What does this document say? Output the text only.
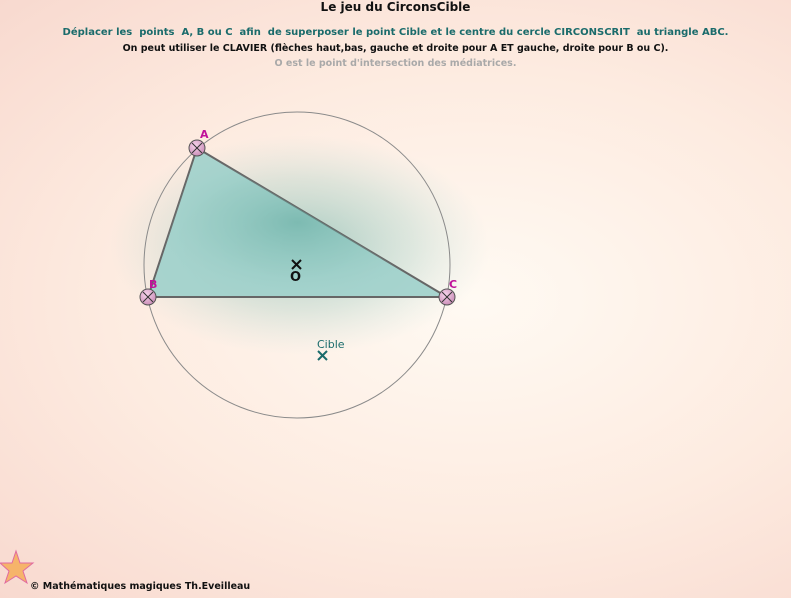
Le jeu du CirconsCible
Déplacer les  points  A, B ou C  afin  de superposer le point Cible et le centre du cercle CIRCONSCRIT  au triangle ABC.
On peut utiliser le CLAVIER (flèches haut,bas, gauche et droite pour A ET gauche, droite pour B ou C).
O est le point d'intersection des médiatrices.
A
B	C
O
Cible
© Mathématiques magiques Th.Eveilleau
